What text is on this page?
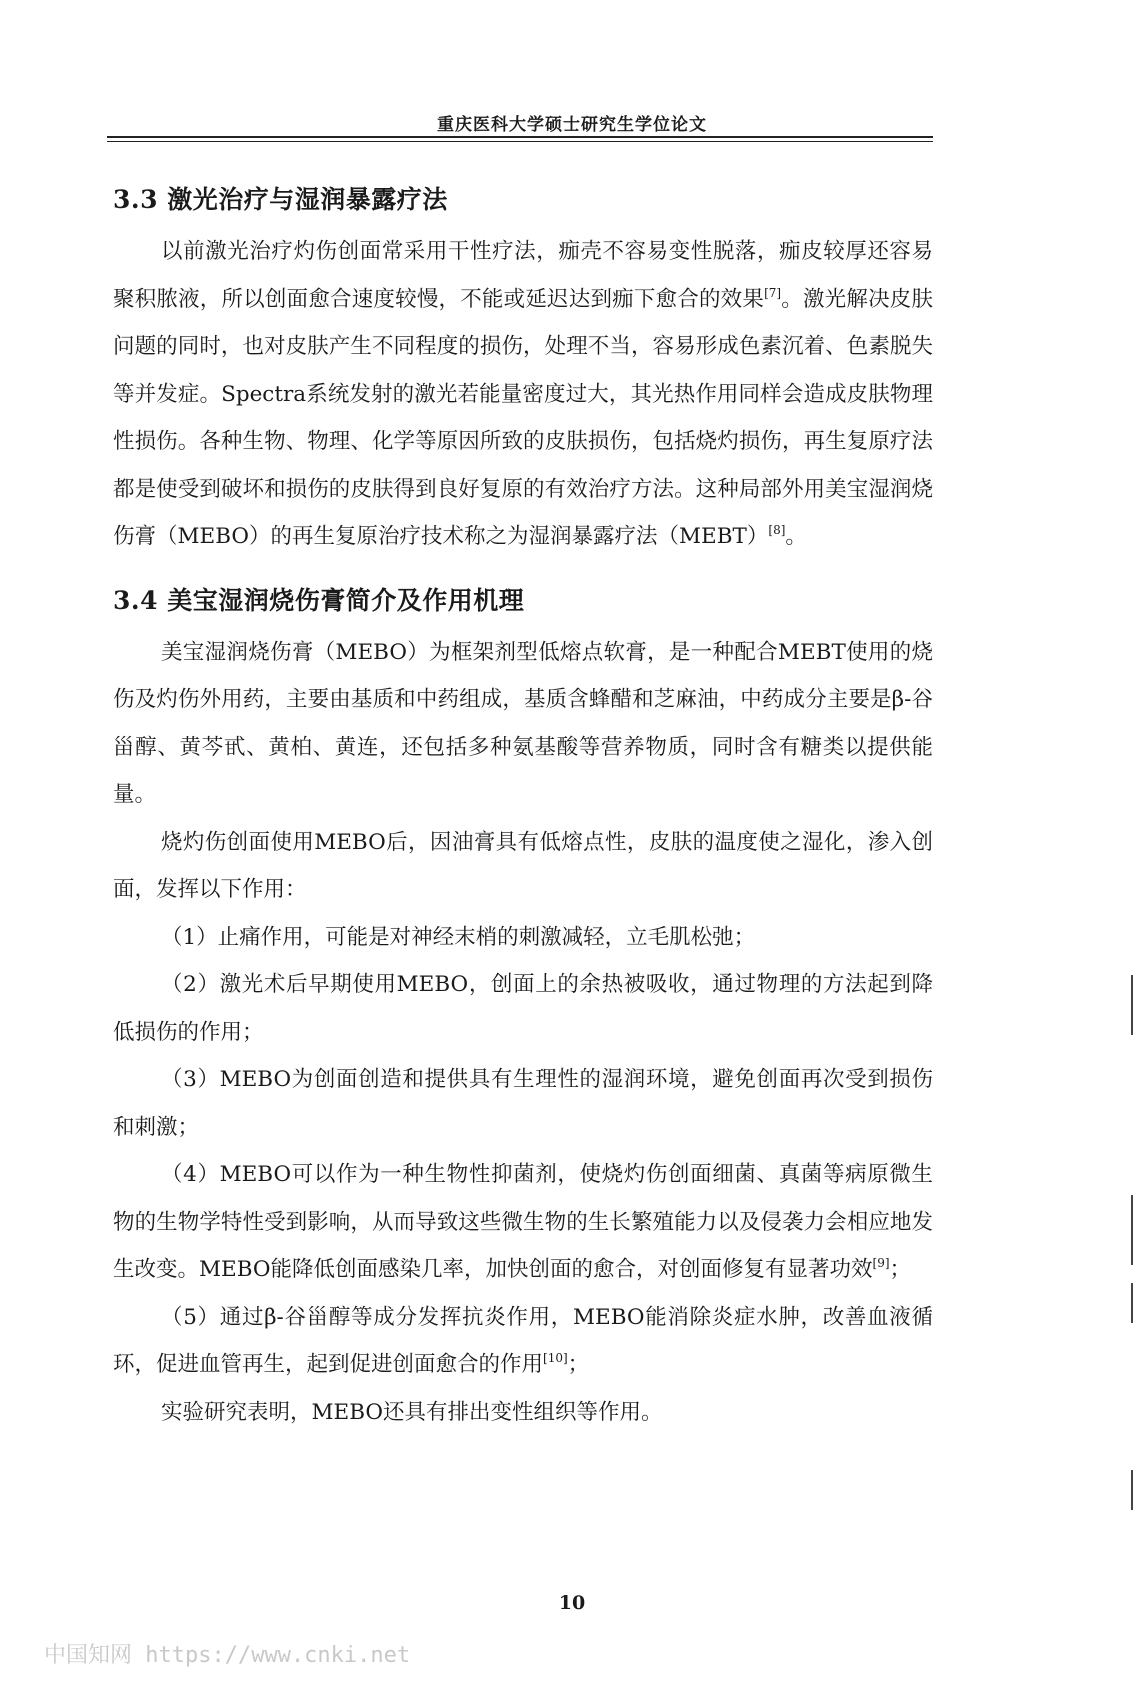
重庆医科大学硕士研究生学位论文
3.3 激光治疗与湿润暴露疗法

以前激光治疗灼伤创面常采用干性疗法，痂壳不容易变性脱落，痂皮较厚还容易聚积脓液，所以创面愈合速度较慢，不能或延迟达到痂下愈合的效果[7]。激光解决皮肤问题的同时，也对皮肤产生不同程度的损伤，处理不当，容易形成色素沉着、色素脱失等并发症。Spectra系统发射的激光若能量密度过大，其光热作用同样会造成皮肤物理性损伤。各种生物、物理、化学等原因所致的皮肤损伤，包括烧灼损伤，再生复原疗法都是使受到破坏和损伤的皮肤得到良好复原的有效治疗方法。这种局部外用美宝湿润烧伤膏（MEBO）的再生复原治疗技术称之为湿润暴露疗法（MEBT）[8]。

3.4 美宝湿润烧伤膏简介及作用机理

美宝湿润烧伤膏（MEBO）为框架剂型低熔点软膏，是一种配合MEBT使用的烧伤及灼伤外用药，主要由基质和中药组成，基质含蜂醋和芝麻油，中药成分主要是β-谷甾醇、黄芩甙、黄柏、黄连，还包括多种氨基酸等营养物质，同时含有糖类以提供能量。

烧灼伤创面使用MEBO后，因油膏具有低熔点性，皮肤的温度使之湿化，渗入创面，发挥以下作用：

（1）止痛作用，可能是对神经末梢的刺激减轻，立毛肌松弛；

（2）激光术后早期使用MEBO，创面上的余热被吸收，通过物理的方法起到降低损伤的作用；

（3）MEBO为创面创造和提供具有生理性的湿润环境，避免创面再次受到损伤和刺激；

（4）MEBO可以作为一种生物性抑菌剂，使烧灼伤创面细菌、真菌等病原微生物的生物学特性受到影响，从而导致这些微生物的生长繁殖能力以及侵袭力会相应地发生改变。MEBO能降低创面感染几率，加快创面的愈合，对创面修复有显著功效[9]；

（5）通过β-谷甾醇等成分发挥抗炎作用，MEBO能消除炎症水肿，改善血液循环，促进血管再生，起到促进创面愈合的作用[10]；

实验研究表明，MEBO还具有排出变性组织等作用。

10
中国知网 https://www.cnki.net
